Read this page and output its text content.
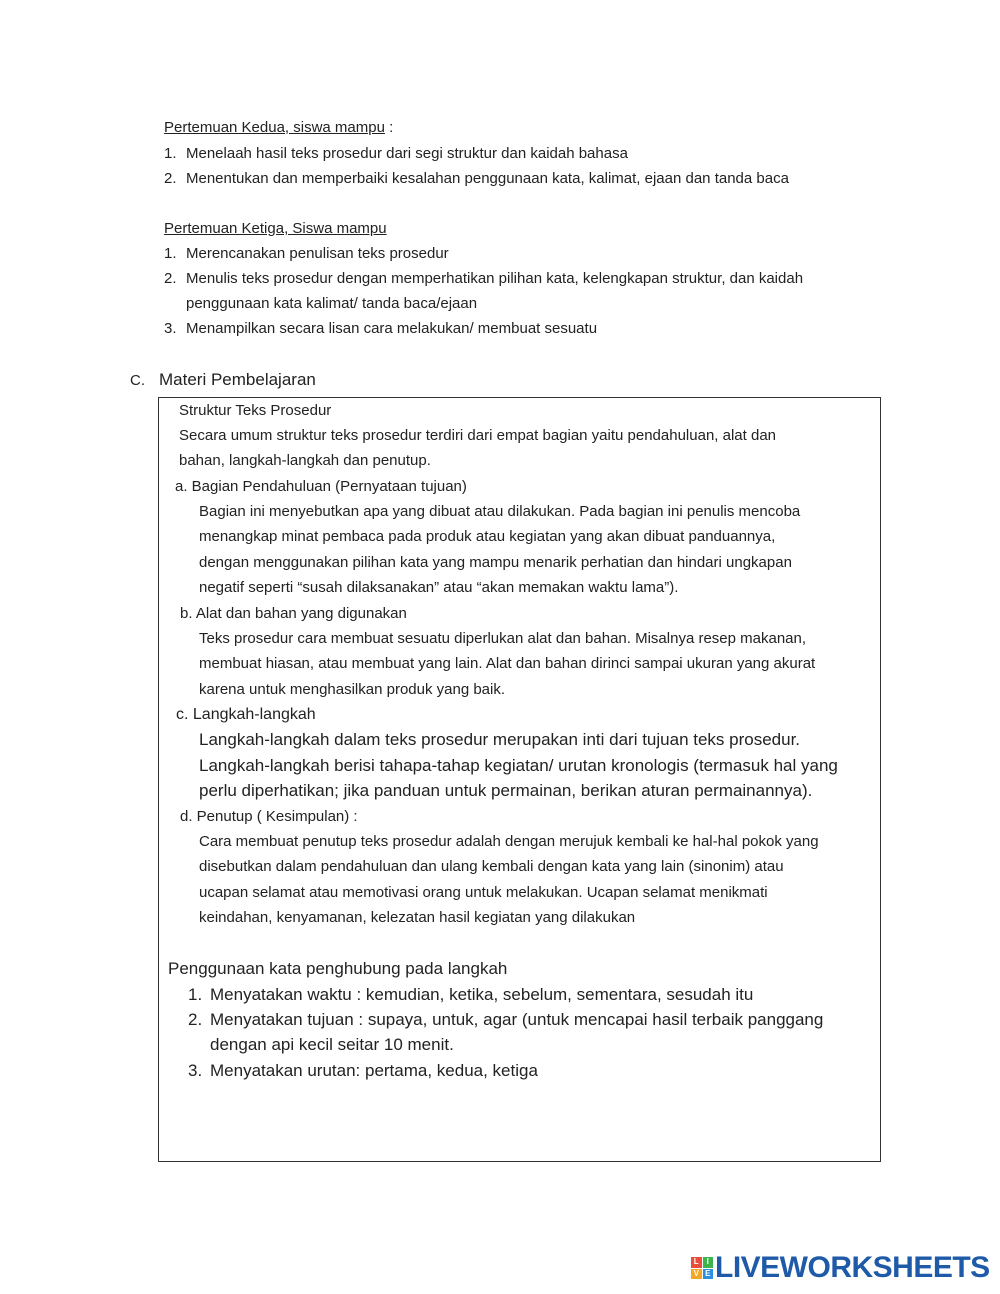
Pertemuan Kedua, siswa mampu :
1. Menelaah hasil teks prosedur dari segi struktur dan kaidah bahasa
2. Menentukan dan memperbaiki kesalahan penggunaan kata, kalimat, ejaan dan tanda baca
Pertemuan Ketiga, Siswa mampu
1. Merencanakan penulisan teks prosedur
2. Menulis teks prosedur dengan memperhatikan pilihan kata, kelengkapan struktur, dan kaidah
penggunaan kata kalimat/ tanda baca/ejaan
3. Menampilkan secara lisan cara melakukan/ membuat sesuatu
C. Materi Pembelajaran
Struktur Teks Prosedur
Secara umum struktur teks prosedur terdiri dari empat bagian yaitu pendahuluan, alat dan
bahan, langkah-langkah dan penutup.
a. Bagian Pendahuluan (Pernyataan tujuan)
Bagian ini menyebutkan apa yang dibuat atau dilakukan. Pada bagian ini penulis mencoba
menangkap minat pembaca pada produk atau kegiatan yang akan dibuat panduannya,
dengan menggunakan pilihan kata yang mampu menarik perhatian dan hindari ungkapan
negatif seperti “susah dilaksanakan” atau “akan memakan waktu lama”).
b. Alat dan bahan yang digunakan
Teks prosedur cara membuat sesuatu diperlukan alat dan bahan. Misalnya resep makanan,
membuat hiasan, atau membuat yang lain. Alat dan bahan dirinci sampai ukuran yang akurat
karena untuk menghasilkan produk yang baik.
c. Langkah-langkah
Langkah-langkah dalam teks prosedur merupakan inti dari tujuan teks prosedur.
Langkah-langkah berisi tahapa-tahap kegiatan/ urutan kronologis (termasuk hal yang
perlu diperhatikan; jika panduan untuk permainan, berikan aturan permainannya).
d. Penutup ( Kesimpulan) :
Cara membuat penutup teks prosedur adalah dengan merujuk kembali ke hal-hal pokok yang
disebutkan dalam pendahuluan dan ulang kembali dengan kata yang lain (sinonim) atau
ucapan selamat atau memotivasi orang untuk melakukan. Ucapan selamat menikmati
keindahan, kenyamanan, kelezatan hasil kegiatan yang dilakukan
Penggunaan kata penghubung pada langkah
1. Menyatakan waktu : kemudian, ketika, sebelum, sementara, sesudah itu
2. Menyatakan tujuan : supaya, untuk, agar (untuk mencapai hasil terbaik panggang
dengan api kecil seitar 10 menit.
3. Menyatakan urutan: pertama, kedua, ketiga
L I
V E LIVEWORKSHEETS
